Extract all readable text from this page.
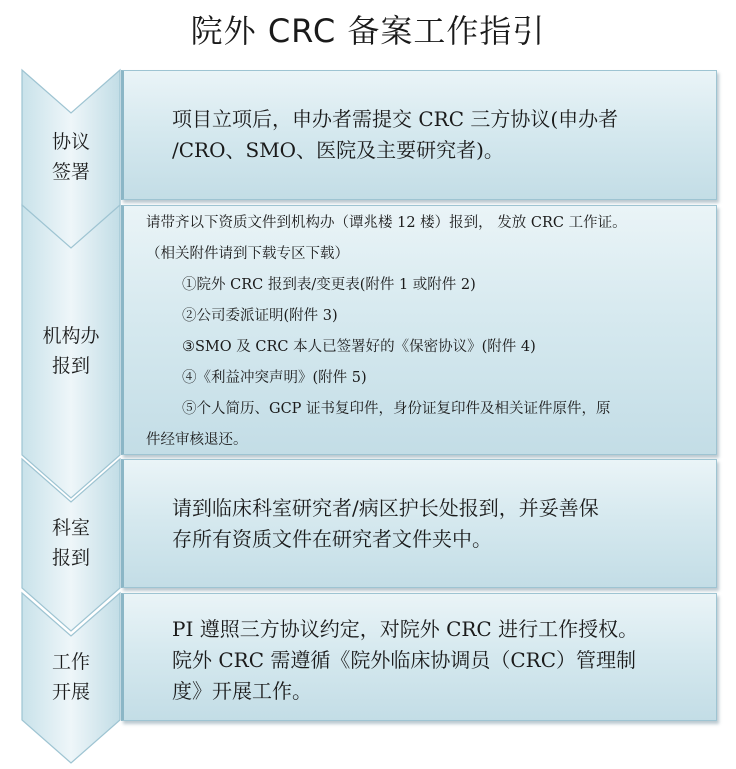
院外 CRC 备案工作指引
协议
签署
机构办
报到
科室
报到
工作
开展
项目立项后，申办者需提交 CRC 三方协议(申办者
/CRO、SMO、医院及主要研究者)。
请带齐以下资质文件到机构办（谭兆楼 12 楼）报到， 发放 CRC 工作证。
（相关附件请到下载专区下载）
①院外 CRC 报到表/变更表(附件 1 或附件 2)
②公司委派证明(附件 3)
③SMO 及 CRC 本人已签署好的《保密协议》(附件 4)
④《利益冲突声明》(附件 5)
⑤个人简历、GCP 证书复印件，身份证复印件及相关证件原件，原
件经审核退还。
请到临床科室研究者/病区护长处报到，并妥善保
存所有资质文件在研究者文件夹中。
PI 遵照三方协议约定，对院外 CRC 进行工作授权。
院外 CRC 需遵循《院外临床协调员（CRC）管理制
度》开展工作。
